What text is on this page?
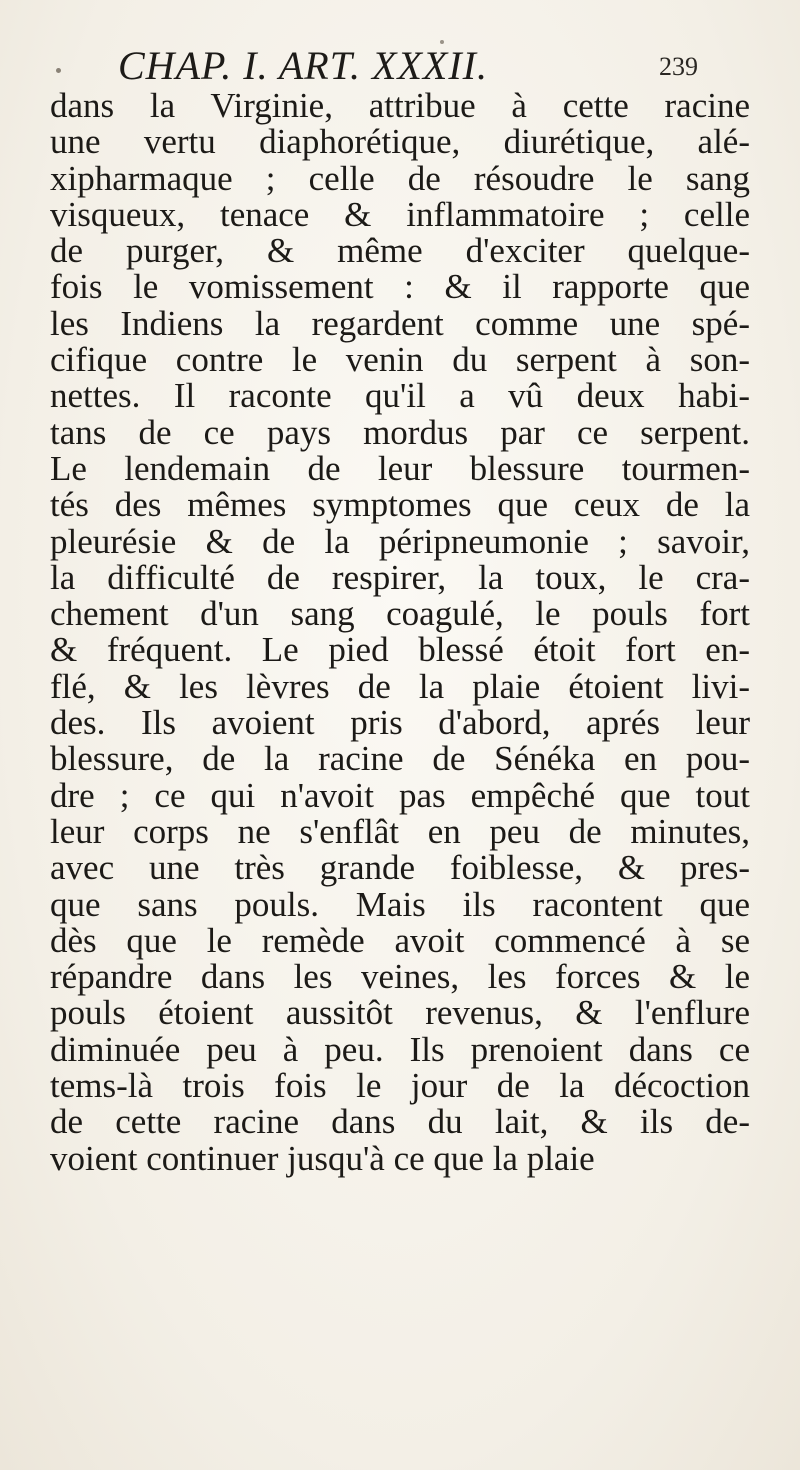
CHAP. I. ART. XXXII.	239
dans la Virginie, attribue à cette racine
une vertu diaphorétique, diurétique, alé-
xipharmaque ; celle de résoudre le sang
visqueux, tenace & inflammatoire ; celle
de purger, & même d'exciter quelque-
fois le vomissement : & il rapporte que
les Indiens la regardent comme une spé-
cifique contre le venin du serpent à son-
nettes. Il raconte qu'il a vû deux habi-
tans de ce pays mordus par ce serpent.
Le lendemain de leur blessure tourmen-
tés des mêmes symptomes que ceux de la
pleurésie & de la péripneumonie ; savoir,
la difficulté de respirer, la toux, le cra-
chement d'un sang coagulé, le pouls fort
& fréquent. Le pied blessé étoit fort en-
flé, & les lèvres de la plaie étoient livi-
des. Ils avoient pris d'abord, aprés leur
blessure, de la racine de Sénéka en pou-
dre ; ce qui n'avoit pas empêché que tout
leur corps ne s'enflât en peu de minutes,
avec une très grande foiblesse, & pres-
que sans pouls. Mais ils racontent que
dès que le remède avoit commencé à se
répandre dans les veines, les forces & le
pouls étoient aussitôt revenus, & l'enflure
diminuée peu à peu. Ils prenoient dans ce
tems-là trois fois le jour de la décoction
de cette racine dans du lait, & ils de-
voient continuer jusqu'à ce que la plaie
